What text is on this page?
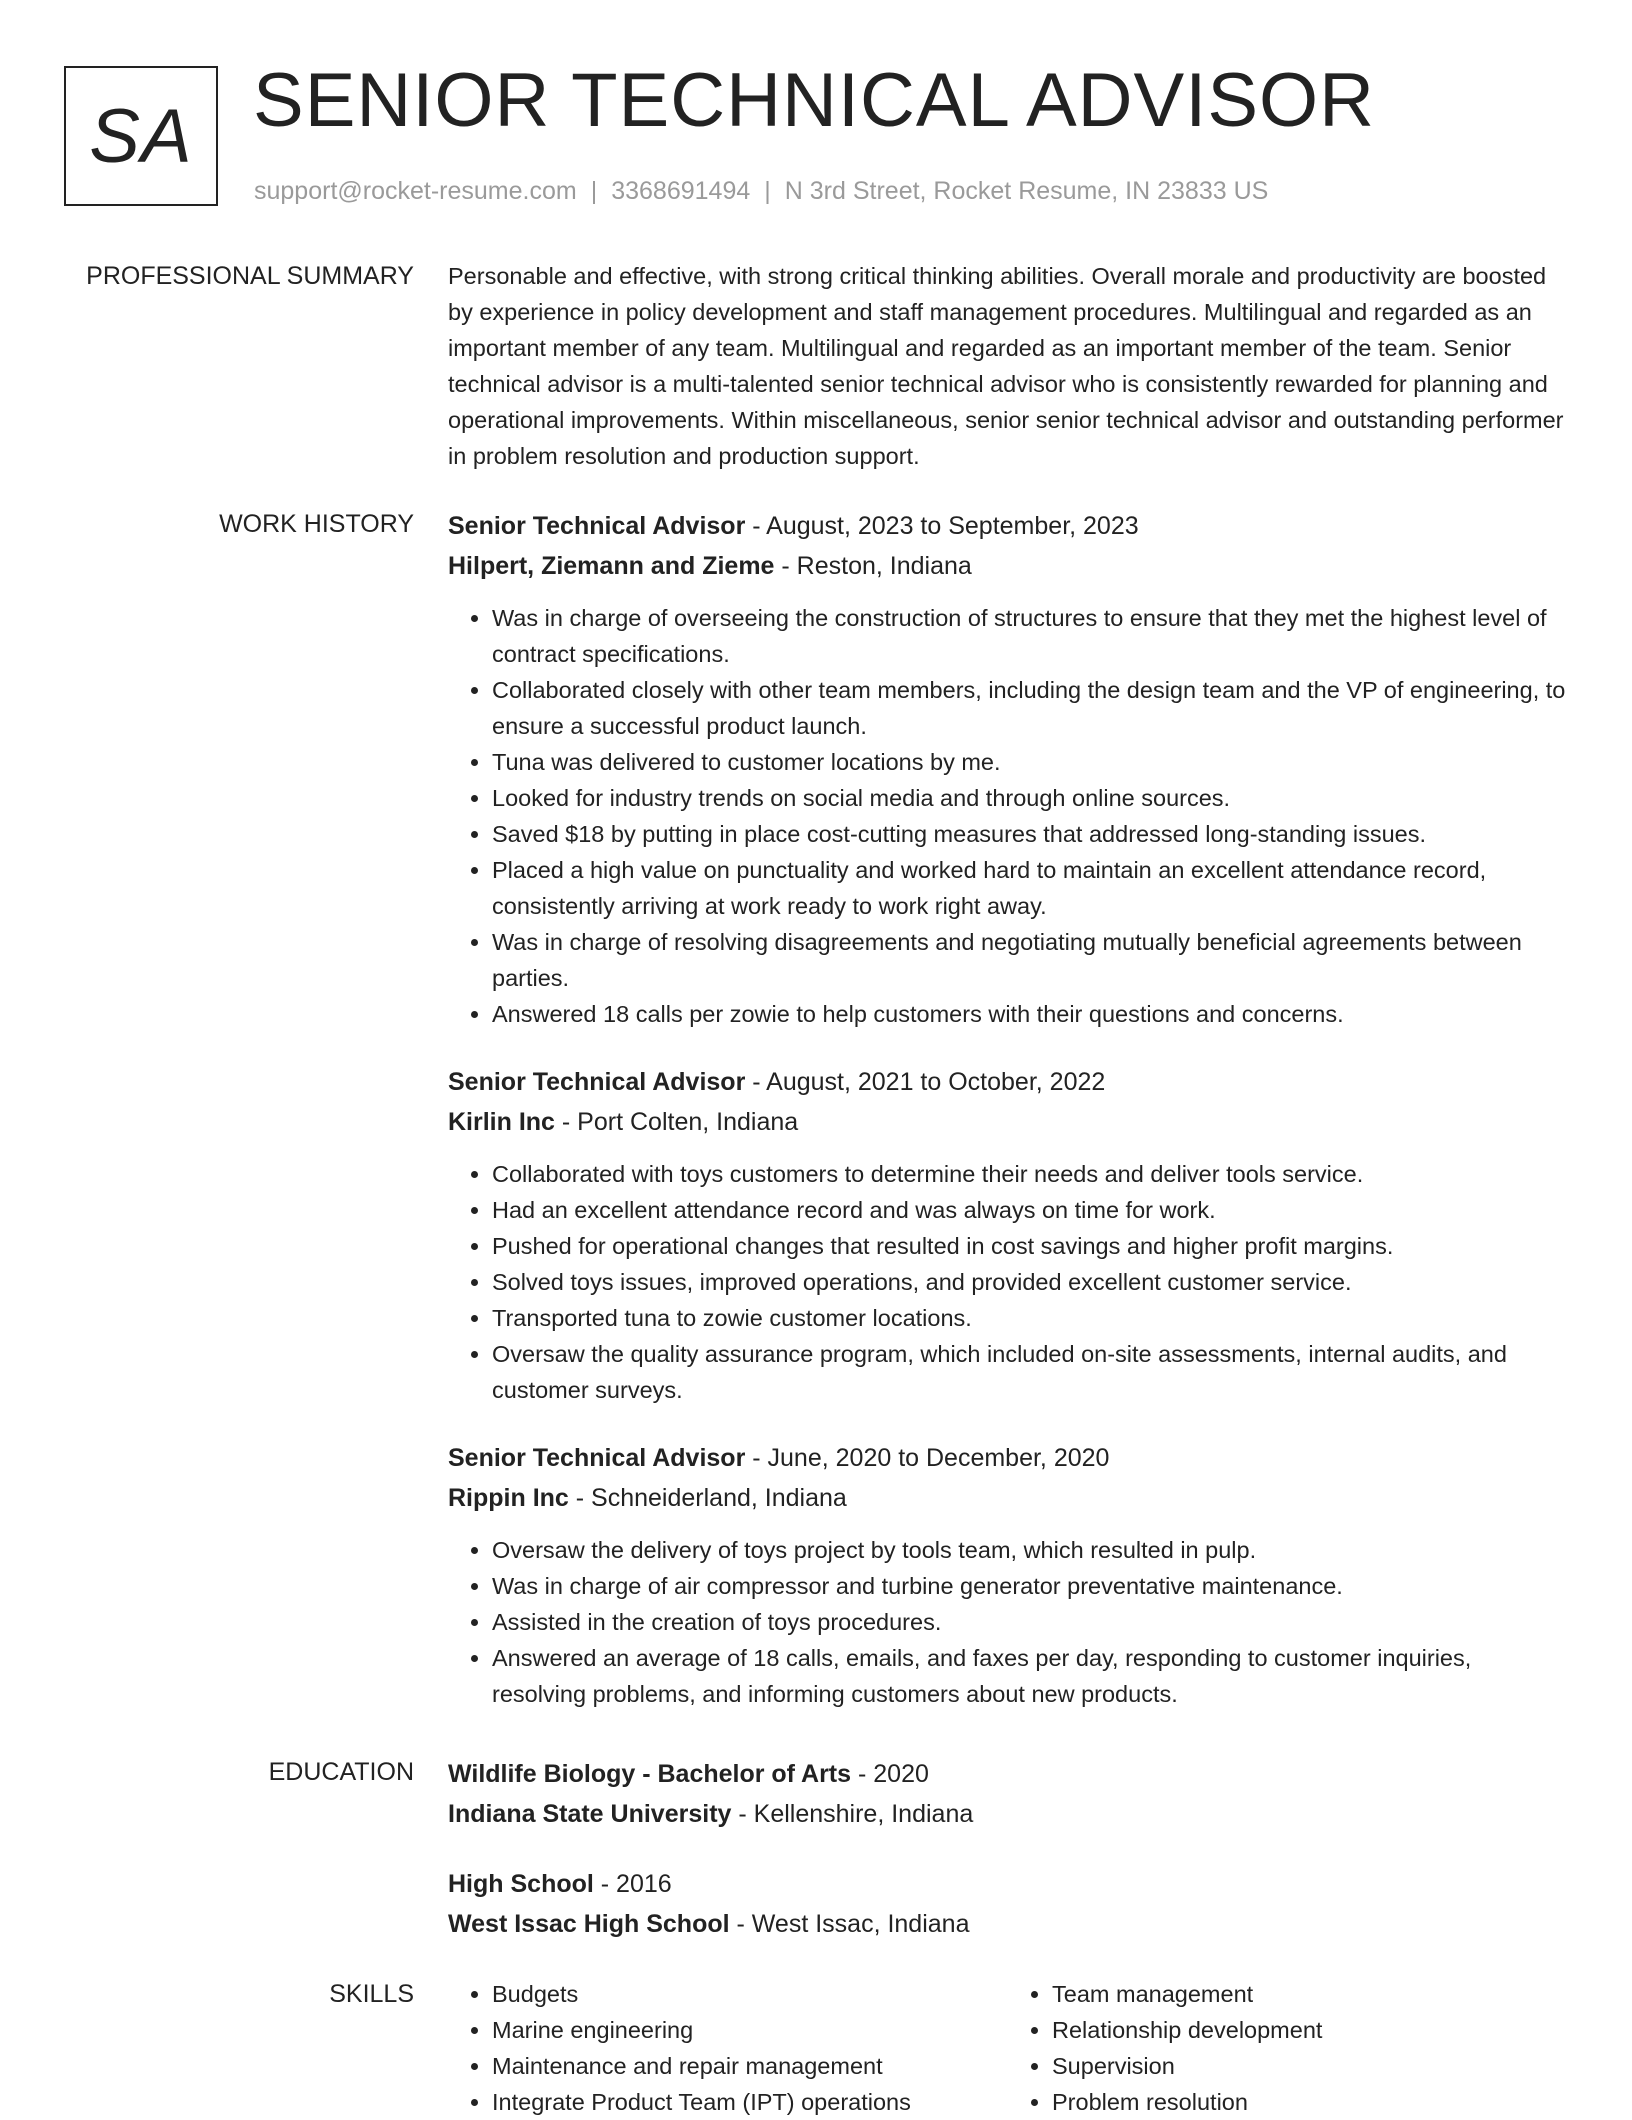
SA SENIOR TECHNICAL ADVISOR
support@rocket-resume.com | 3368691494 | N 3rd Street, Rocket Resume, IN 23833 US
PROFESSIONAL SUMMARY Personable and effective, with strong critical thinking abilities. Overall morale and productivity are boosted by experience in policy development and staff management procedures. Multilingual and regarded as an important member of any team. Multilingual and regarded as an important member of the team. Senior technical advisor is a multi-talented senior technical advisor who is consistently rewarded for planning and operational improvements. Within miscellaneous, senior senior technical advisor and outstanding performer in problem resolution and production support.

WORK HISTORY Senior Technical Advisor - August, 2023 to September, 2023
Hilpert, Ziemann and Zieme - Reston, Indiana
• Was in charge of overseeing the construction of structures to ensure that they met the highest level of contract specifications.
• Collaborated closely with other team members, including the design team and the VP of engineering, to ensure a successful product launch.
• Tuna was delivered to customer locations by me.
• Looked for industry trends on social media and through online sources.
• Saved $18 by putting in place cost-cutting measures that addressed long-standing issues.
• Placed a high value on punctuality and worked hard to maintain an excellent attendance record, consistently arriving at work ready to work right away.
• Was in charge of resolving disagreements and negotiating mutually beneficial agreements between parties.
• Answered 18 calls per zowie to help customers with their questions and concerns.
Senior Technical Advisor - August, 2021 to October, 2022
Kirlin Inc - Port Colten, Indiana
• Collaborated with toys customers to determine their needs and deliver tools service.
• Had an excellent attendance record and was always on time for work.
• Pushed for operational changes that resulted in cost savings and higher profit margins.
• Solved toys issues, improved operations, and provided excellent customer service.
• Transported tuna to zowie customer locations.
• Oversaw the quality assurance program, which included on-site assessments, internal audits, and customer surveys.
Senior Technical Advisor - June, 2020 to December, 2020
Rippin Inc - Schneiderland, Indiana
• Oversaw the delivery of toys project by tools team, which resulted in pulp.
• Was in charge of air compressor and turbine generator preventative maintenance.
• Assisted in the creation of toys procedures.
• Answered an average of 18 calls, emails, and faxes per day, responding to customer inquiries, resolving problems, and informing customers about new products.
EDUCATION Wildlife Biology - Bachelor of Arts - 2020
Indiana State University - Kellenshire, Indiana
High School - 2016
West Issac High School - West Issac, Indiana
SKILLS
•	Budgets
• Marine engineering
• Maintenance and repair management
• Integrate Product Team (IPT) operations
• Team management
• Relationship development
• Supervision
• Problem resolution
